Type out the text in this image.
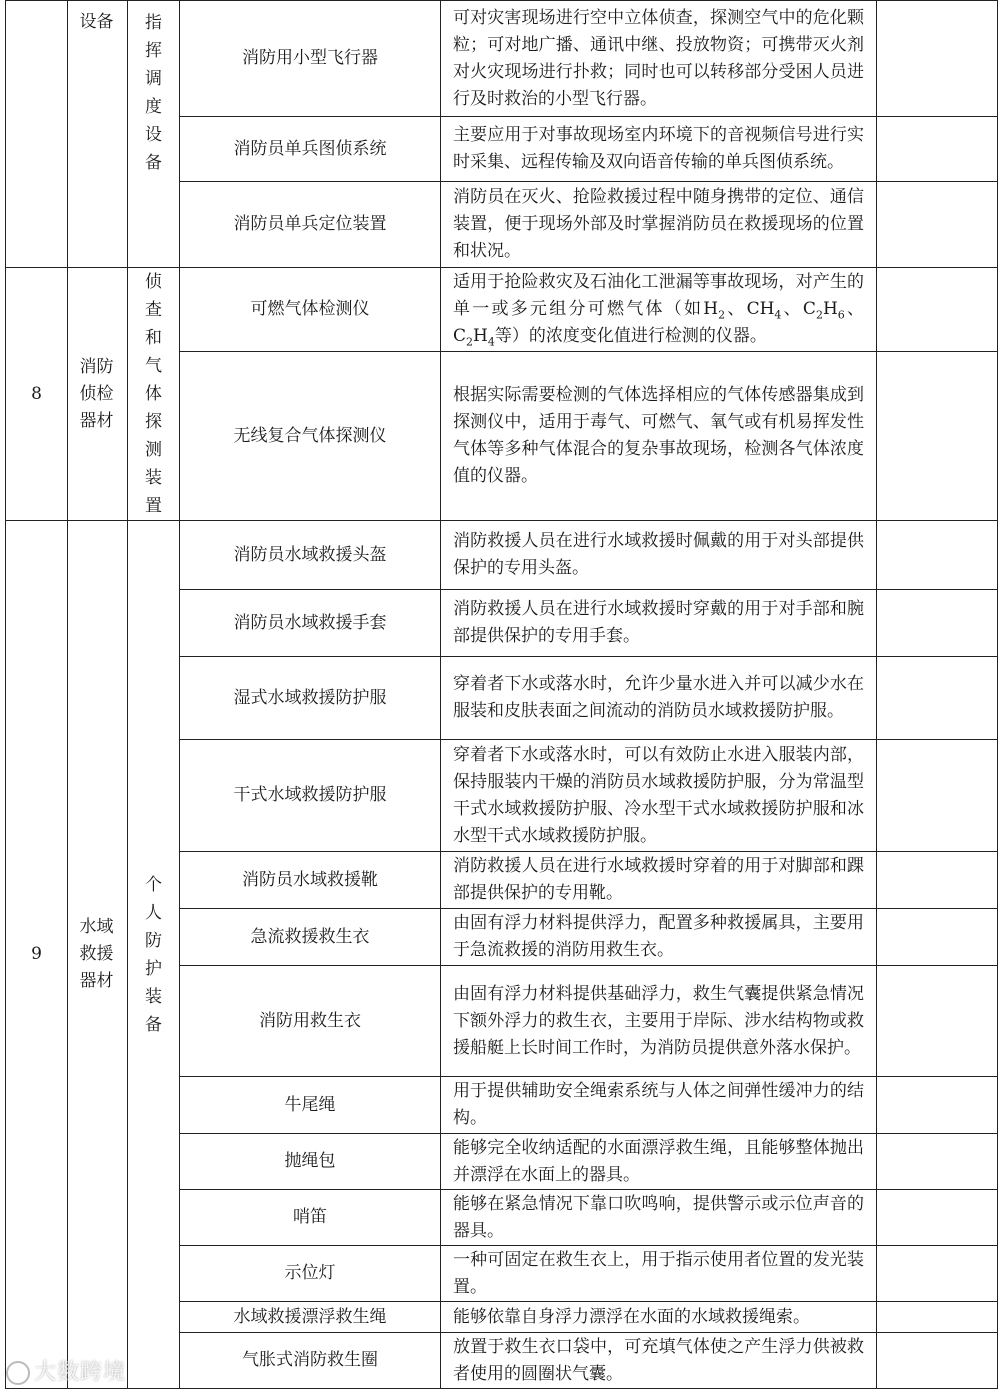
	设备	指挥调度设备	消防用小型飞行器	可对灾害现场进行空中立体侦查，探测空气中的危化颗粒；可对地广播、通讯中继、投放物资；可携带灭火剂对火灾现场进行扑救；同时也可以转移部分受困人员进行及时救治的小型飞行器。	
			消防员单兵图侦系统	主要应用于对事故现场室内环境下的音视频信号进行实时采集、远程传输及双向语音传输的单兵图侦系统。	
			消防员单兵定位装置	消防员在灭火、抢险救援过程中随身携带的定位、通信装置，便于现场外部及时掌握消防员在救援现场的位置和状况。	
8	消防侦检器材	侦查和气体探测装置	可燃气体检测仪	适用于抢险救灾及石油化工泄漏等事故现场，对产生的单一或多元组分可燃气体（如$H_2$、$CH_4$、$C_2H_6$、$C_2H_4$等）的浓度变化值进行检测的仪器。	
			无线复合气体探测仪	根据实际需要检测的气体选择相应的气体传感器集成到探测仪中，适用于毒气、可燃气、氧气或有机易挥发性气体等多种气体混合的复杂事故现场，检测各气体浓度值的仪器。	
9	水域救援器材	个人防护装备	消防员水域救援头盔	消防救援人员在进行水域救援时佩戴的用于对头部提供保护的专用头盔。	
			消防员水域救援手套	消防救援人员在进行水域救援时穿戴的用于对手部和腕部提供保护的专用手套。	
			湿式水域救援防护服	穿着者下水或落水时，允许少量水进入并可以减少水在服装和皮肤表面之间流动的消防员水域救援防护服。	
			干式水域救援防护服	穿着者下水或落水时，可以有效防止水进入服装内部，保持服装内干燥的消防员水域救援防护服，分为常温型干式水域救援防护服、冷水型干式水域救援防护服和冰水型干式水域救援防护服。	
			消防员水域救援靴	消防救援人员在进行水域救援时穿着的用于对脚部和踝部提供保护的专用靴。	
			急流救援救生衣	由固有浮力材料提供浮力，配置多种救援属具，主要用于急流救援的消防用救生衣。	
			消防用救生衣	由固有浮力材料提供基础浮力，救生气囊提供紧急情况下额外浮力的救生衣，主要用于岸际、涉水结构物或救援船艇上长时间工作时，为消防员提供意外落水保护。	
			牛尾绳	用于提供辅助安全绳索系统与人体之间弹性缓冲力的结构。	
			抛绳包	能够完全收纳适配的水面漂浮救生绳，且能够整体抛出并漂浮在水面上的器具。	
			哨笛	能够在紧急情况下靠口吹鸣响，提供警示或示位声音的器具。	
			示位灯	一种可固定在救生衣上，用于指示使用者位置的发光装置。	
			水域救援漂浮救生绳	能够依靠自身浮力漂浮在水面的水域救援绳索。	
			气胀式消防救生圈	放置于救生衣口袋中，可充填气体使之产生浮力供被救者使用的圆圈状气囊。	
大数跨境
